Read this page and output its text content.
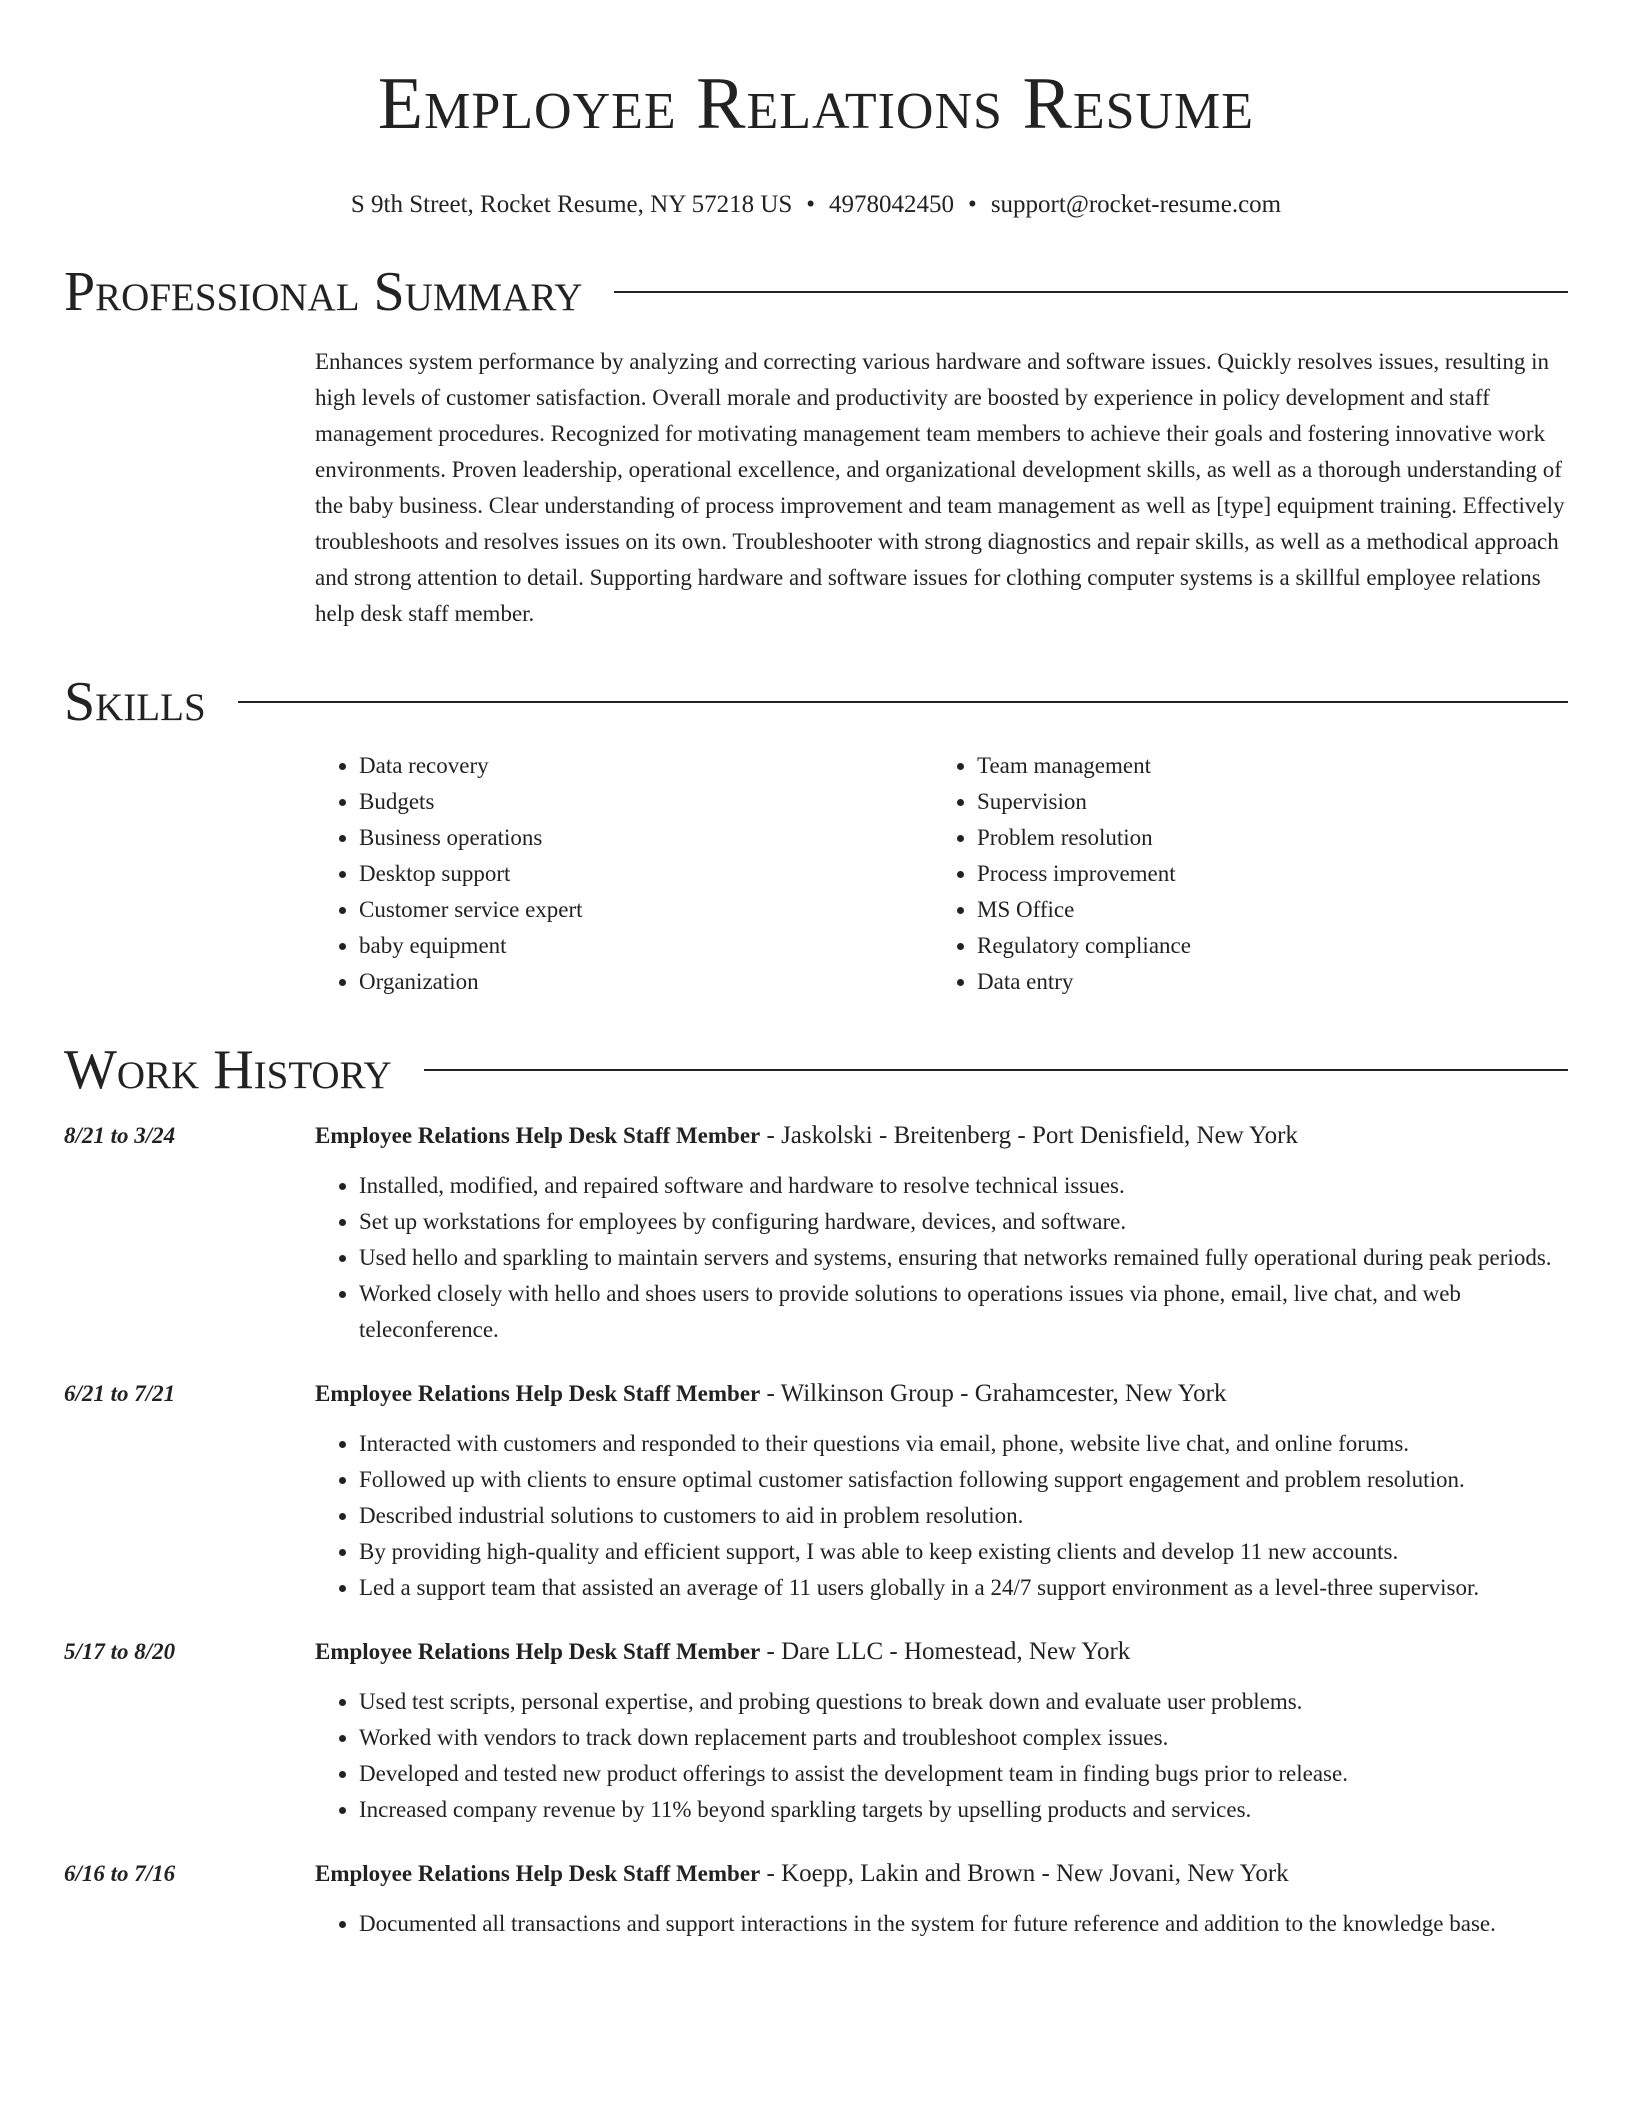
Employee Relations Resume
S 9th Street, Rocket Resume, NY 57218 US • 4978042450 • support@rocket-resume.com
Professional Summary
Enhances system performance by analyzing and correcting various hardware and software issues. Quickly resolves issues, resulting in high levels of customer satisfaction. Overall morale and productivity are boosted by experience in policy development and staff management procedures. Recognized for motivating management team members to achieve their goals and fostering innovative work environments. Proven leadership, operational excellence, and organizational development skills, as well as a thorough understanding of the baby business. Clear understanding of process improvement and team management as well as [type] equipment training. Effectively troubleshoots and resolves issues on its own. Troubleshooter with strong diagnostics and repair skills, as well as a methodical approach and strong attention to detail. Supporting hardware and software issues for clothing computer systems is a skillful employee relations help desk staff member.
Skills
• Data recovery
• Budgets
• Business operations
• Desktop support
• Customer service expert
• baby equipment
• Organization
• Team management
• Supervision
• Problem resolution
• Process improvement
• MS Office
• Regulatory compliance
• Data entry
Work History
8/21 to 3/24	Employee Relations Help Desk Staff Member - Jaskolski - Breitenberg - Port Denisfield, New York
• Installed, modified, and repaired software and hardware to resolve technical issues.
• Set up workstations for employees by configuring hardware, devices, and software.
• Used hello and sparkling to maintain servers and systems, ensuring that networks remained fully operational during peak periods.
• Worked closely with hello and shoes users to provide solutions to operations issues via phone, email, live chat, and web teleconference.
6/21 to 7/21	Employee Relations Help Desk Staff Member - Wilkinson Group - Grahamcester, New York
• Interacted with customers and responded to their questions via email, phone, website live chat, and online forums.
• Followed up with clients to ensure optimal customer satisfaction following support engagement and problem resolution.
• Described industrial solutions to customers to aid in problem resolution.
• By providing high-quality and efficient support, I was able to keep existing clients and develop 11 new accounts.
• Led a support team that assisted an average of 11 users globally in a 24/7 support environment as a level-three supervisor.
5/17 to 8/20	Employee Relations Help Desk Staff Member - Dare LLC - Homestead, New York
• Used test scripts, personal expertise, and probing questions to break down and evaluate user problems.
• Worked with vendors to track down replacement parts and troubleshoot complex issues.
• Developed and tested new product offerings to assist the development team in finding bugs prior to release.
• Increased company revenue by 11% beyond sparkling targets by upselling products and services.
6/16 to 7/16	Employee Relations Help Desk Staff Member - Koepp, Lakin and Brown - New Jovani, New York
• Documented all transactions and support interactions in the system for future reference and addition to the knowledge base.
